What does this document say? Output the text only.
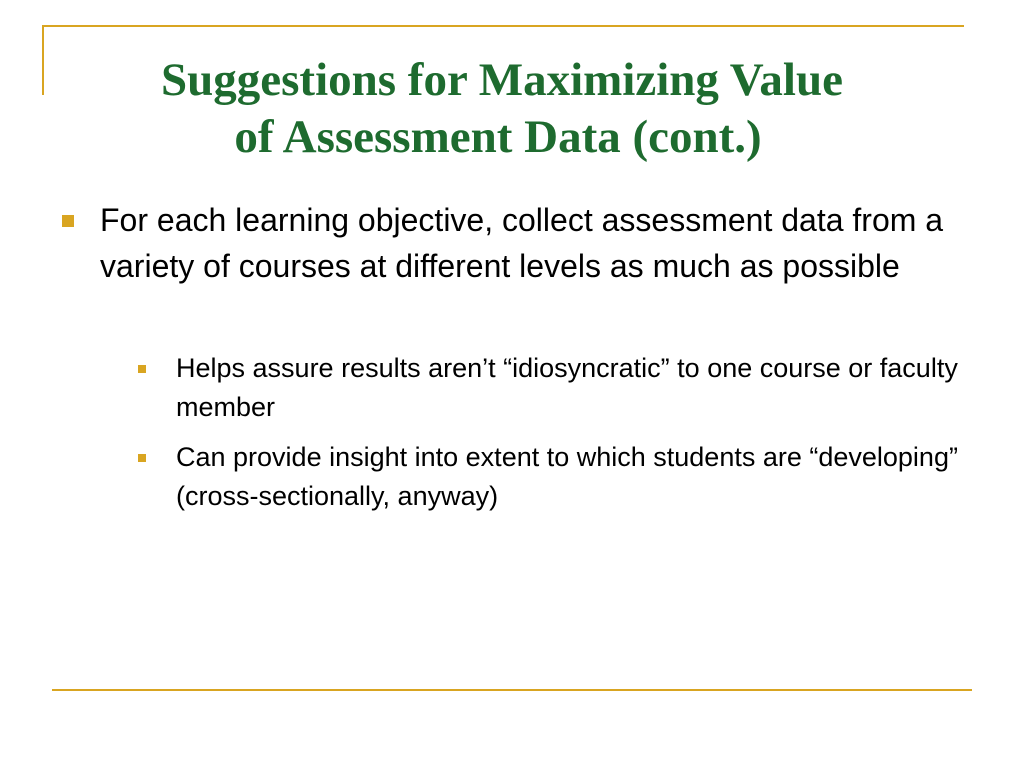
Suggestions for Maximizing Value
of Assessment Data (cont.)

For each learning objective, collect assessment data from a variety of courses at different levels as much as possible

Helps assure results aren’t “idiosyncratic” to one course or faculty member

Can provide insight into extent to which students are “developing” (cross-sectionally, anyway)
